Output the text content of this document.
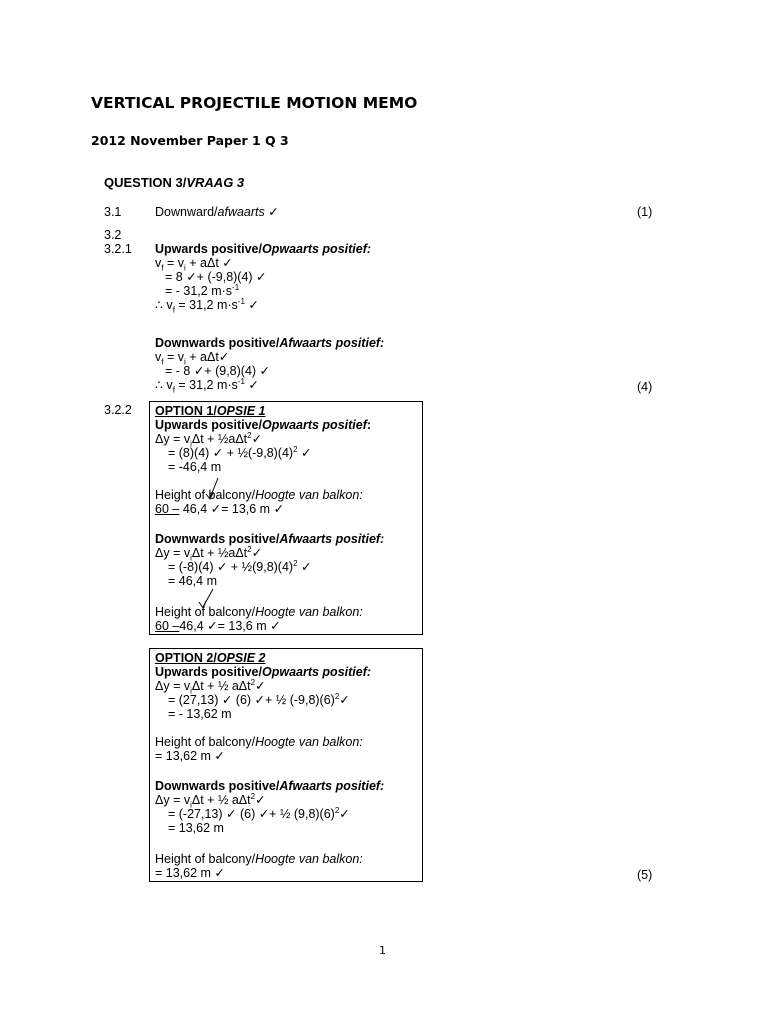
VERTICAL PROJECTILE MOTION MEMO
2012 November Paper 1 Q 3
QUESTION 3/VRAAG 3
3.1	Downward/afwaarts ✓	(1)
3.2
3.2.1 Upwards positive/Opwaarts positief:
$v_f = v_i + a\Delta t$ ✓
= 8 ✓+ (-9,8)(4) ✓
= - 31,2 $m\cdot s^{-1}$
∴ $v_f = 31,2$ $m\cdot s^{-1}$ ✓
Downwards positive/Afwaarts positief:
$v_f = v_i$ + aΔt✓
= - 8 ✓+ (9,8)(4) ✓
∴ $v_f = 31,2$ $m\cdot s^{-1}$ ✓	(4)
3.2.2 OPTION 1/OPSIE 1
Upwards positive/Opwaarts positief:
$\Delta y = v_i\Delta t$ + ½aΔt$^2$✓
= (8)(4) ✓ + $\frac{1}{2}(-9,8)(4)^2$ ✓
= -46,4 m
Height of balcony/Hoogte van balkon:
60 – 46,4 ✓= 13,6 m ✓
Downwards positive/Afwaarts positief:
$\Delta y = v_i\Delta t$ + ½aΔt$^2$✓
= (-8)(4) ✓ + $\frac{1}{2}(9,8)(4)^2$ ✓
= 46,4 m
Height of balcony/Hoogte van balkon:
60 –46,4 ✓= 13,6 m ✓
OPTION 2/OPSIE 2
Upwards positive/Opwaarts positief:
$\Delta y = v_i\Delta t$ + ½ aΔt$^2$✓
= (27,13) ✓ (6) ✓+ ½ $(-9,8)(6)^2✓$
= - 13,62 m
Height of balcony/Hoogte van balkon:
= 13,62 m ✓
Downwards positive/Afwaarts positief:
$\Delta y = v_i\Delta t$ + ½ aΔt$^2$✓
= (-27,13) ✓ (6) ✓+ ½ $(9,8)(6)^2✓$
= 13,62 m
Height of balcony/Hoogte van balkon:
= 13,62 m ✓	(5)
1
